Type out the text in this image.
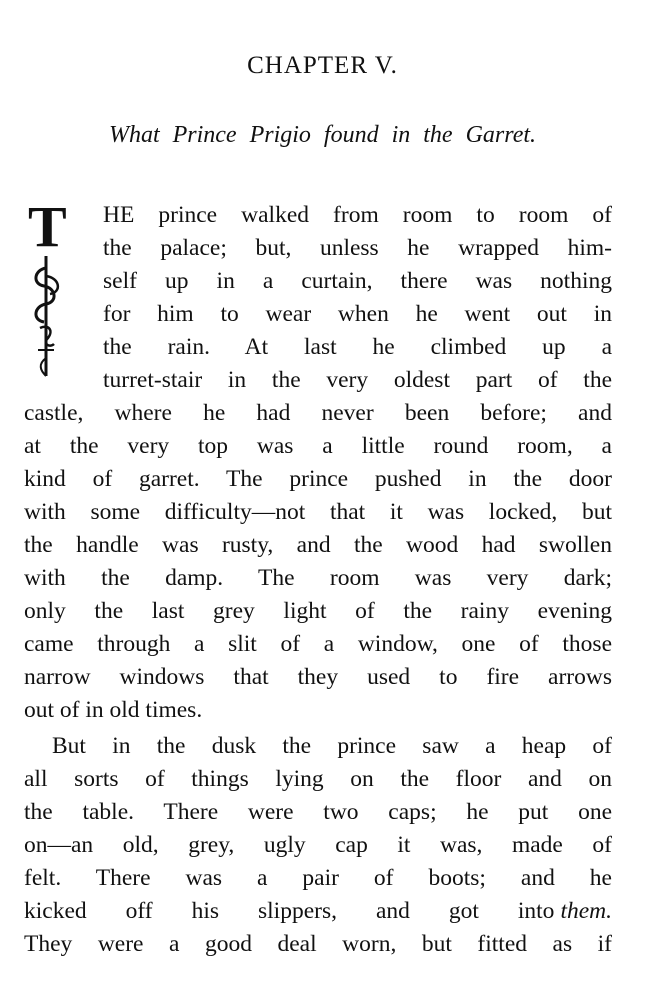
CHAPTER V.
What Prince Prigio found in the Garret.
T HE prince walked from room to room of
the palace; but, unless he wrapped him-
self up in a curtain, there was nothing
for him to wear when he went out in
the rain. At last he climbed up a
turret-stair in the very oldest part of the
castle, where he had never been before; and
at the very top was a little round room, a
kind of garret. The prince pushed in the door
with some difficulty—not that it was locked, but
the handle was rusty, and the wood had swollen
with the damp. The room was very dark;
only the last grey light of the rainy evening
came through a slit of a window, one of those
narrow windows that they used to fire arrows
out of in old times.
But in the dusk the prince saw a heap of
all sorts of things lying on the floor and on
the table. There were two caps; he put one
on—an old, grey, ugly cap it was, made of
felt. There was a pair of boots; and he
kicked off his slippers, and got into them.
They were a good deal worn, but fitted as if
